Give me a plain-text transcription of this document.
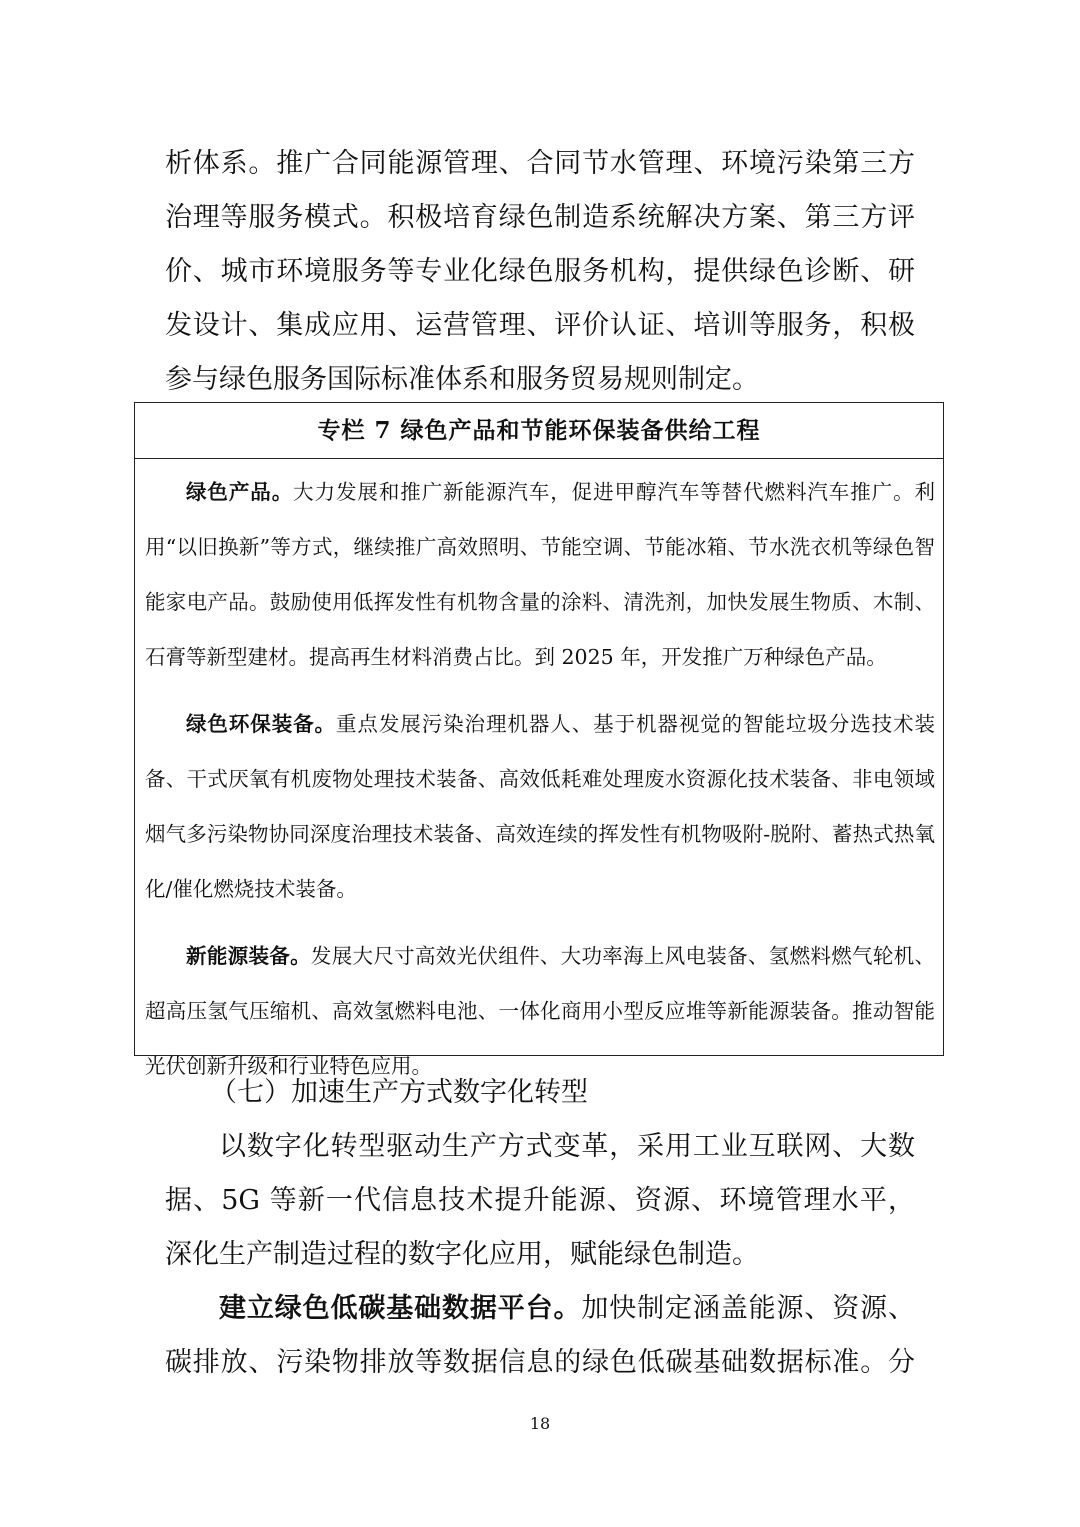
析体系。推广合同能源管理、合同节水管理、环境污染第三方

治理等服务模式。积极培育绿色制造系统解决方案、第三方评

价、城市环境服务等专业化绿色服务机构，提供绿色诊断、研

发设计、集成应用、运营管理、评价认证、培训等服务，积极

参与绿色服务国际标准体系和服务贸易规则制定。

专栏 7 绿色产品和节能环保装备供给工程

绿色产品。大力发展和推广新能源汽车，促进甲醇汽车等替代燃料汽车推广。利用“以旧换新”等方式，继续推广高效照明、节能空调、节能冰箱、节水洗衣机等绿色智能家电产品。鼓励使用低挥发性有机物含量的涂料、清洗剂，加快发展生物质、木制、石膏等新型建材。提高再生材料消费占比。到 2025 年，开发推广万种绿色产品。

绿色环保装备。重点发展污染治理机器人、基于机器视觉的智能垃圾分选技术装备、干式厌氧有机废物处理技术装备、高效低耗难处理废水资源化技术装备、非电领域烟气多污染物协同深度治理技术装备、高效连续的挥发性有机物吸附-脱附、蓄热式热氧化/催化燃烧技术装备。

新能源装备。发展大尺寸高效光伏组件、大功率海上风电装备、氢燃料燃气轮机、超高压氢气压缩机、高效氢燃料电池、一体化商用小型反应堆等新能源装备。推动智能光伏创新升级和行业特色应用。

（七）加速生产方式数字化转型

以数字化转型驱动生产方式变革，采用工业互联网、大数

据、5G 等新一代信息技术提升能源、资源、环境管理水平，

深化生产制造过程的数字化应用，赋能绿色制造。

建立绿色低碳基础数据平台。加快制定涵盖能源、资源、

碳排放、污染物排放等数据信息的绿色低碳基础数据标准。分

18
